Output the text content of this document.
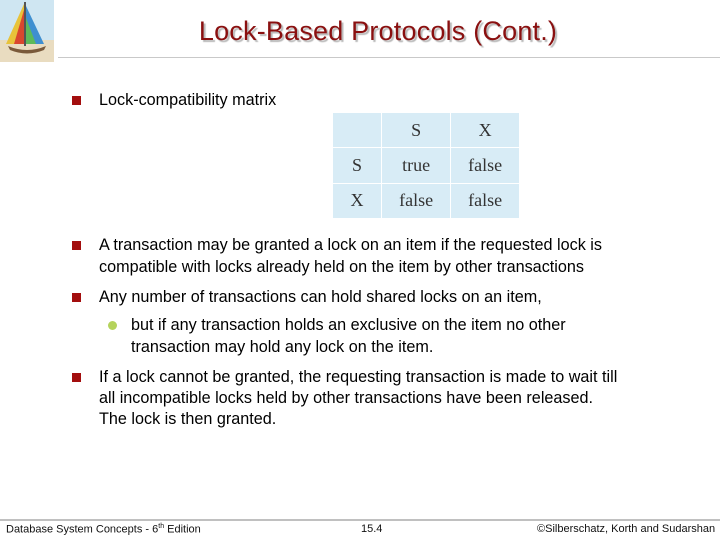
Lock-Based Protocols (Cont.)
Lock-compatibility matrix
	S	X
S	true	false
X	false	false
A transaction may be granted a lock on an item if the requested lock is
compatible with locks already held on the item by other transactions
Any number of transactions can hold shared locks on an item,
but if any transaction holds an exclusive on the item no other
transaction may hold any lock on the item.
If a lock cannot be granted, the requesting transaction is made to wait till
all incompatible locks held by other transactions have been released.
The lock is then granted.
Database System Concepts - 6th Edition	15.4	©Silberschatz, Korth and Sudarshan
